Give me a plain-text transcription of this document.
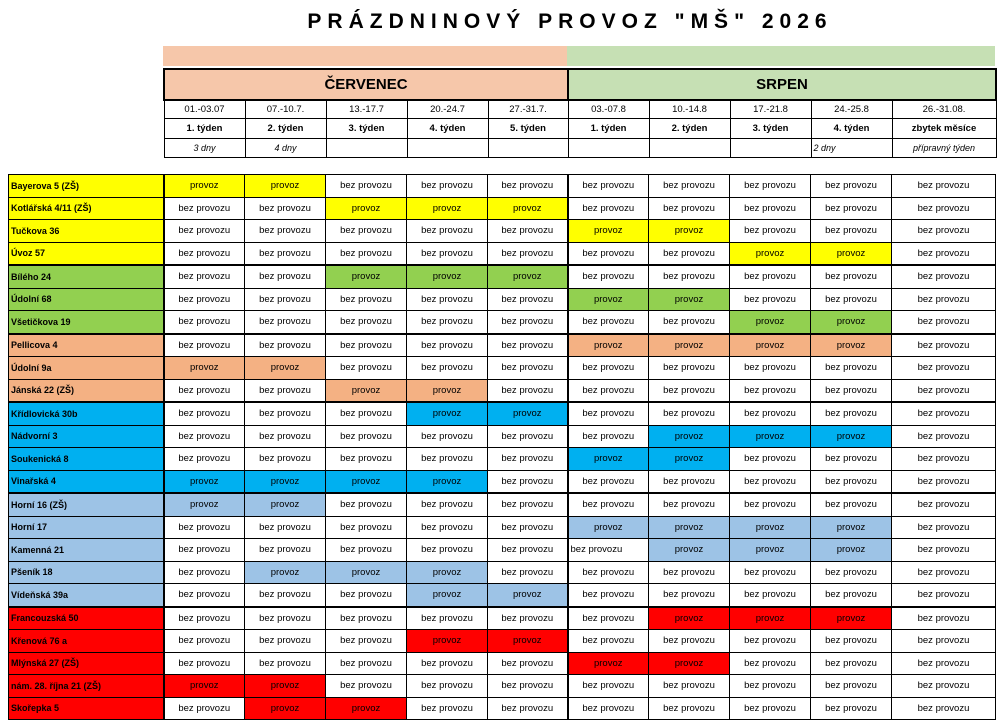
PRÁZDNINOVÝ PROVOZ "MŠ" 2026
ČERVENEC					SRPEN				
01.-03.07	07.-10.7.	13.-17.7	20.-24.7	27.-31.7.	03.-07.8	10.-14.8	17.-21.8	24.-25.8	26.-31.08.
1. týden	2. týden	3. týden	4. týden	5. týden	1. týden	2. týden	3. týden	4. týden	zbytek měsíce
3 dny	4 dny							2 dny	přípravný týden
Bayerova 5 (ZŠ)	provoz	provoz	bez provozu	bez provozu	bez provozu	bez provozu	bez provozu	bez provozu	bez provozu	bez provozu
Kotlářská 4/11 (ZŠ)	bez provozu	bez provozu	provoz	provoz	provoz	bez provozu	bez provozu	bez provozu	bez provozu	bez provozu
Tučkova 36	bez provozu	bez provozu	bez provozu	bez provozu	bez provozu	provoz	provoz	bez provozu	bez provozu	bez provozu
Úvoz 57	bez provozu	bez provozu	bez provozu	bez provozu	bez provozu	bez provozu	bez provozu	provoz	provoz	bez provozu
Bílého 24	bez provozu	bez provozu	provoz	provoz	provoz	bez provozu	bez provozu	bez provozu	bez provozu	bez provozu
Údolní 68	bez provozu	bez provozu	bez provozu	bez provozu	bez provozu	provoz	provoz	bez provozu	bez provozu	bez provozu
Všetičkova 19	bez provozu	bez provozu	bez provozu	bez provozu	bez provozu	bez provozu	bez provozu	provoz	provoz	bez provozu
Pellicova 4	bez provozu	bez provozu	bez provozu	bez provozu	bez provozu	provoz	provoz	provoz	provoz	bez provozu
Údolní 9a	provoz	provoz	bez provozu	bez provozu	bez provozu	bez provozu	bez provozu	bez provozu	bez provozu	bez provozu
Jánská 22 (ZŠ)	bez provozu	bez provozu	provoz	provoz	bez provozu	bez provozu	bez provozu	bez provozu	bez provozu	bez provozu
Křídlovická 30b	bez provozu	bez provozu	bez provozu	provoz	provoz	bez provozu	bez provozu	bez provozu	bez provozu	bez provozu
Nádvorní 3	bez provozu	bez provozu	bez provozu	bez provozu	bez provozu	bez provozu	provoz	provoz	provoz	bez provozu
Soukenická 8	bez provozu	bez provozu	bez provozu	bez provozu	bez provozu	provoz	provoz	bez provozu	bez provozu	bez provozu
Vinařská 4	provoz	provoz	provoz	provoz	bez provozu	bez provozu	bez provozu	bez provozu	bez provozu	bez provozu
Horní 16 (ZŠ)	provoz	provoz	bez provozu	bez provozu	bez provozu	bez provozu	bez provozu	bez provozu	bez provozu	bez provozu
Horní 17	bez provozu	bez provozu	bez provozu	bez provozu	bez provozu	provoz	provoz	provoz	provoz	bez provozu
Kamenná 21	bez provozu	bez provozu	bez provozu	bez provozu	bez provozu	bez provozu	provoz	provoz	provoz	bez provozu
Pšeník 18	bez provozu	provoz	provoz	provoz	bez provozu	bez provozu	bez provozu	bez provozu	bez provozu	bez provozu
Vídeňská 39a	bez provozu	bez provozu	bez provozu	provoz	provoz	bez provozu	bez provozu	bez provozu	bez provozu	bez provozu
Francouzská 50	bez provozu	bez provozu	bez provozu	bez provozu	bez provozu	bez provozu	provoz	provoz	provoz	bez provozu
Křenová 76 a	bez provozu	bez provozu	bez provozu	provoz	provoz	bez provozu	bez provozu	bez provozu	bez provozu	bez provozu
Mlýnská 27 (ZŠ)	bez provozu	bez provozu	bez provozu	bez provozu	bez provozu	provoz	provoz	bez provozu	bez provozu	bez provozu
nám. 28. října 21 (ZŠ)	provoz	provoz	bez provozu	bez provozu	bez provozu	bez provozu	bez provozu	bez provozu	bez provozu	bez provozu
Skořepka 5	bez provozu	provoz	provoz	bez provozu	bez provozu	bez provozu	bez provozu	bez provozu	bez provozu	bez provozu
